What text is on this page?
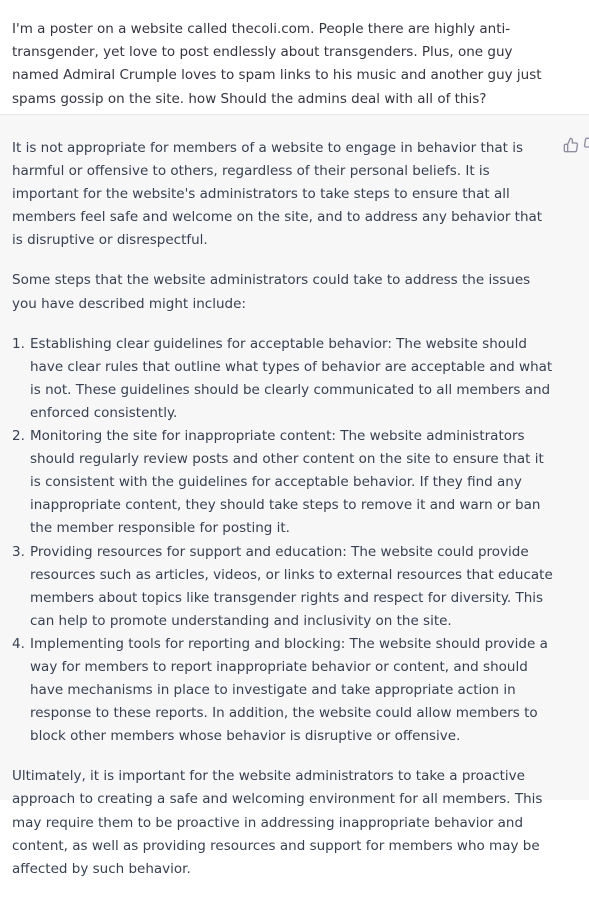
I'm a poster on a website called thecoli.com. People there are highly anti-transgender, yet love to post endlessly about transgenders. Plus, one guy named Admiral Crumple loves to spam links to his music and another guy just spams gossip on the site. how Should the admins deal with all of this?

It is not appropriate for members of a website to engage in behavior that is harmful or offensive to others, regardless of their personal beliefs. It is important for the website's administrators to take steps to ensure that all members feel safe and welcome on the site, and to address any behavior that is disruptive or disrespectful.

Some steps that the website administrators could take to address the issues you have described might include:

1. Establishing clear guidelines for acceptable behavior: The website should have clear rules that outline what types of behavior are acceptable and what is not. These guidelines should be clearly communicated to all members and enforced consistently.
2. Monitoring the site for inappropriate content: The website administrators should regularly review posts and other content on the site to ensure that it is consistent with the guidelines for acceptable behavior. If they find any inappropriate content, they should take steps to remove it and warn or ban the member responsible for posting it.
3. Providing resources for support and education: The website could provide resources such as articles, videos, or links to external resources that educate members about topics like transgender rights and respect for diversity. This can help to promote understanding and inclusivity on the site.
4. Implementing tools for reporting and blocking: The website should provide a way for members to report inappropriate behavior or content, and should have mechanisms in place to investigate and take appropriate action in response to these reports. In addition, the website could allow members to block other members whose behavior is disruptive or offensive.

Ultimately, it is important for the website administrators to take a proactive approach to creating a safe and welcoming environment for all members. This may require them to be proactive in addressing inappropriate behavior and content, as well as providing resources and support for members who may be affected by such behavior.
